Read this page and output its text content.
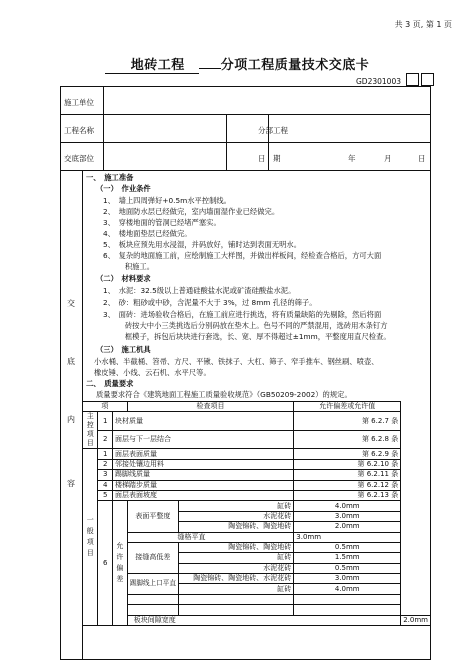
共 3 页, 第 1 页
地砖工程	分项工程质量技术交底卡
GD2301003
施工单位
工程名称	分部工程
交底部位	日　期	年	月	日
交
底
内
容
一、　施工准备
（一）　作业条件
1、　墙上四周弹好+0.5m水平控制线。
2、　地面防水层已经做完，室内墙面湿作业已经做完。
3、　穿楼地面的管洞已经堵严塞实。
4、　楼地面垫层已经做完。
5、　板块应预先用水浸湿，并码放好，铺时达到表面无明水。
6、　复杂的地面施工前，应绘制施工大样图，并做出样板间，经检查合格后，方可大面
　　　积施工。
（二）　材料要求
1、　水泥：32.5级以上普通硅酸盐水泥或矿渣硅酸盐水泥。
2、　砂：粗砂或中砂，含泥量不大于 3%，过 8mm 孔径的筛子。
3、　面砖：进场验收合格后，在施工前应进行挑选，将有质量缺陷的先剔除，然后将面
　　　砖按大中小三类挑选后分别码放在垫木上。色号不同的严禁混用，选砖用木条钉方
　　　框模子，拆包后块块进行套选，长、宽、厚不得超过±1mm，平整度用直尺检查。
（三）　施工机具
小水桶、半截桶、笤帚、方尺、平锹、铁抹子、大杠、筛子、窄手推车、钢丝刷、喷壶、
橡皮锤、小线、云石机、水平尺等。
二、　质量要求
质量要求符合《建筑地面工程施工质量验收规范》（GB50209-2002）的规定。
项			检查项目		允许偏差或允许值	
主控
项目	1	块材质量			第 6.2.7 条	
	2	面层与下一层结合			第 6.2.8 条	
一
般
项
目	1	面层表面质量			第 6.2.9 条	
	2	邻接处镶边用料			第 6.2.10 条	
	3	踢脚线质量			第 6.2.11 条	
	4	楼梯踏步质量			第 6.2.12 条	
	5	面层表面坡度			第 6.2.13 条	
	6	允
许
偏
差	表面平整度	缸砖	4.0mm	
				水泥花砖	3.0mm	
				陶瓷锦砖、陶瓷地砖	2.0mm	
			缝格平直		3.0mm	
			接缝高低差	陶瓷锦砖、陶瓷地砖	0.5mm	
				缸砖	1.5mm	
				水泥花砖	0.5mm	
			踢脚线上口平直	陶瓷锦砖、陶瓷地砖、水泥花砖	3.0mm	
				缸砖	4.0mm	

			板块间隙宽度			2.0mm
